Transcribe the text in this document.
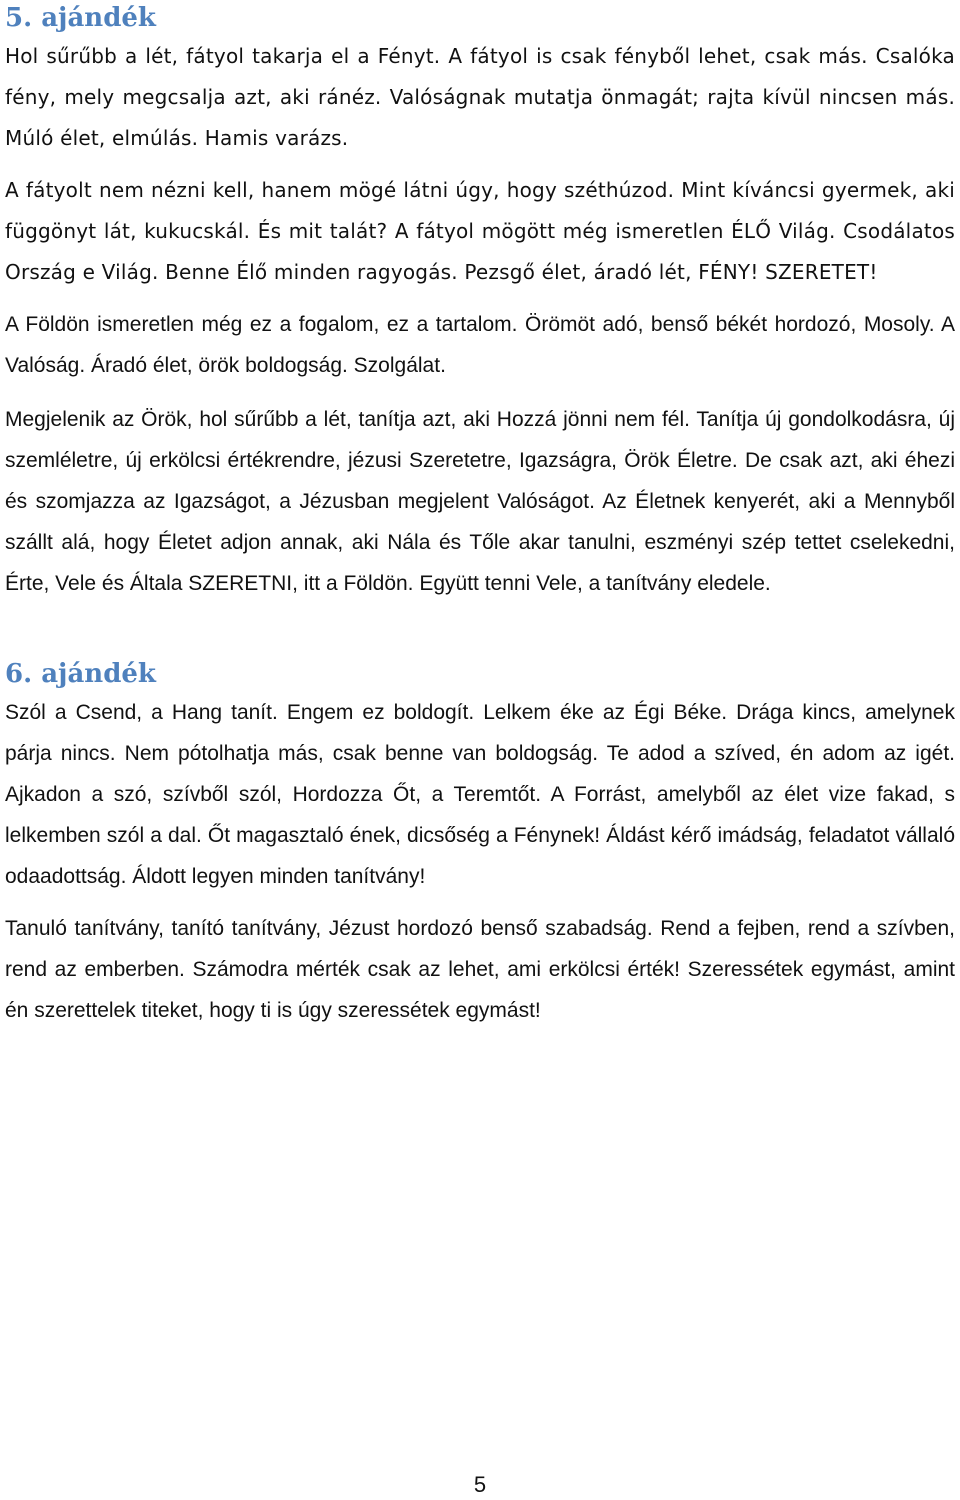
5. ajándék

Hol sűrűbb a lét, fátyol takarja el a Fényt. A fátyol is csak fényből lehet, csak más. Csalóka fény, mely megcsalja azt, aki ránéz. Valóságnak mutatja önmagát; rajta kívül nincsen más. Múló élet, elmúlás. Hamis varázs.

A fátyolt nem nézni kell, hanem mögé látni úgy, hogy széthúzod. Mint kíváncsi gyermek, aki függönyt lát, kukucskál. És mit talát? A fátyol mögött még ismeretlen ÉLŐ Világ. Csodálatos Ország e Világ. Benne Élő minden ragyogás. Pezsgő élet, áradó lét, FÉNY! SZERETET!

A Földön ismeretlen még ez a fogalom, ez a tartalom. Örömöt adó, benső békét hordozó, Mosoly. A Valóság. Áradó élet, örök boldogság. Szolgálat.

Megjelenik az Örök, hol sűrűbb a lét, tanítja azt, aki Hozzá jönni nem fél. Tanítja új gondolkodásra, új szemléletre, új erkölcsi értékrendre, jézusi Szeretetre, Igazságra, Örök Életre. De csak azt, aki éhezi és szomjazza az Igazságot, a Jézusban megjelent Valóságot. Az Életnek kenyerét, aki a Mennyből szállt alá, hogy Életet adjon annak, aki Nála és Tőle akar tanulni, eszményi szép tettet cselekedni, Érte, Vele és Általa SZERETNI, itt a Földön. Együtt tenni Vele, a tanítvány eledele.

6. ajándék

Szól a Csend, a Hang tanít. Engem ez boldogít. Lelkem éke az Égi Béke. Drága kincs, amelynek párja nincs. Nem pótolhatja más, csak benne van boldogság. Te adod a szíved, én adom az igét. Ajkadon a szó, szívből szól, Hordozza Őt, a Teremtőt. A Forrást, amelyből az élet vize fakad, s lelkemben szól a dal. Őt magasztaló ének, dicsőség a Fénynek! Áldást kérő imádság, feladatot vállaló odaadottság. Áldott legyen minden tanítvány!

Tanuló tanítvány, tanító tanítvány, Jézust hordozó benső szabadság. Rend a fejben, rend a szívben, rend az emberben. Számodra mérték csak az lehet, ami erkölcsi érték! Szeressétek egymást, amint én szerettelek titeket, hogy ti is úgy szeressétek egymást!

5
